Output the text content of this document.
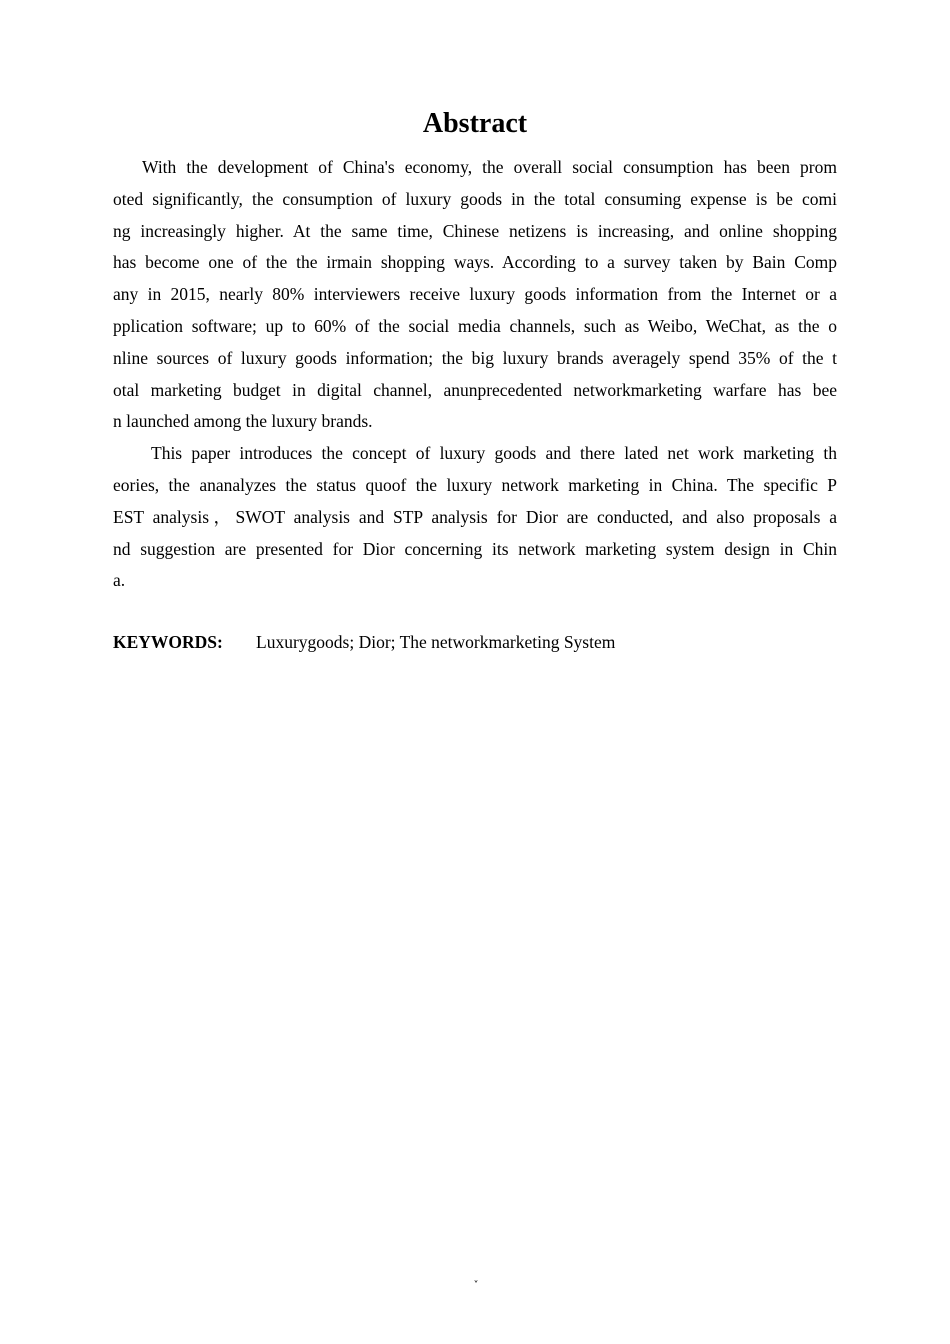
Abstract
With the development of China's economy, the overall social consumption has been prom
oted significantly, the consumption of luxury goods in the total consuming expense is be comi
ng increasingly higher. At the same time, Chinese netizens is increasing, and online shopping
has become one of the the irmain shopping ways. According to a survey taken by Bain Comp
any in 2015, nearly 80% interviewers receive luxury goods information from the Internet or a
pplication software; up to 60% of the social media channels, such as Weibo, WeChat, as the o
nline sources of luxury goods information; the big luxury brands averagely spend 35% of the t
otal marketing budget in digital channel, anunprecedented networkmarketing warfare has bee
n launched among the luxury brands.
This paper introduces the concept of luxury goods and there lated net work marketing th
eories, the ananalyzes the status quoof the luxury network marketing in China. The specific P
EST analysis，SWOT analysis and STP analysis for Dior are conducted, and also proposals a
nd suggestion are presented for Dior concerning its network marketing system design in Chin
a.
KEYWORDS: Luxurygoods; Dior; The networkmarketing System
˅
